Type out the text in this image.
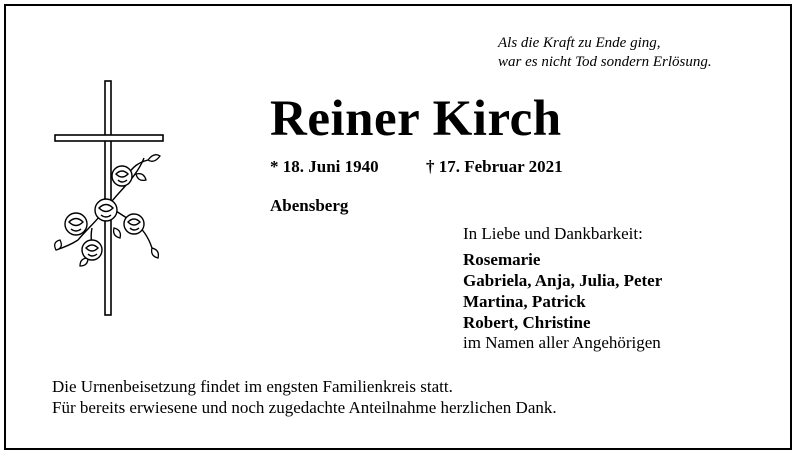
Als die Kraft zu Ende ging,
war es nicht Tod sondern Erlösung.
Reiner Kirch
* 18. Juni 1940	† 17. Februar 2021
Abensberg
In Liebe und Dankbarkeit:
Rosemarie
Gabriela, Anja, Julia, Peter
Martina, Patrick
Robert, Christine
im Namen aller Angehörigen
Die Urnenbeisetzung findet im engsten Familienkreis statt.
Für bereits erwiesene und noch zugedachte Anteilnahme herzlichen Dank.
